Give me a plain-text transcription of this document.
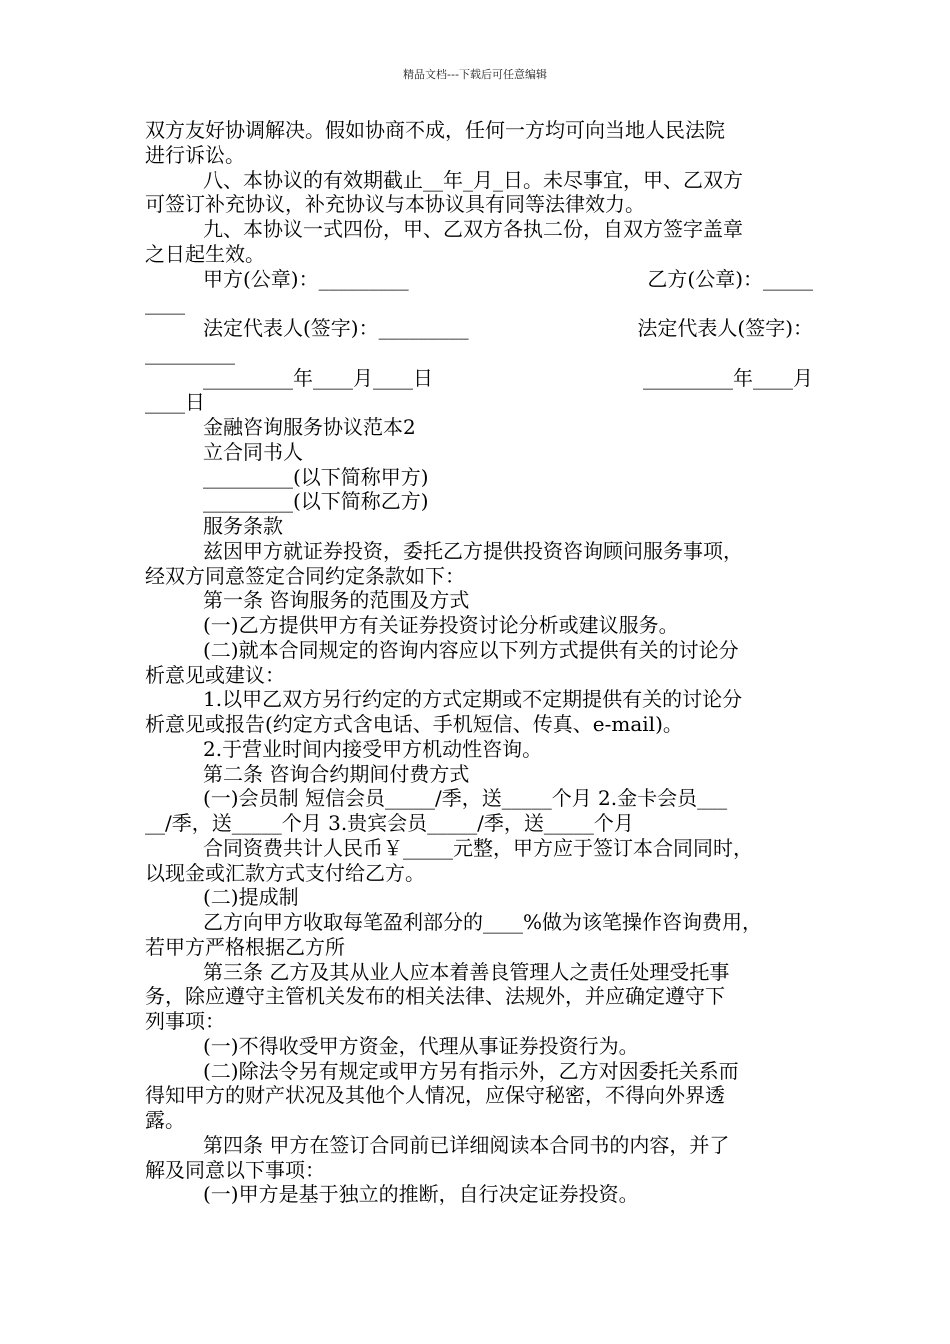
精品文档---下载后可任意编辑
双方友好协调解决。假如协商不成，任何一方均可向当地人民法院
进行诉讼。
八、本协议的有效期截止__年_月_日。未尽事宜，甲、乙双方
可签订补充协议，补充协议与本协议具有同等法律效力。
九、本协议一式四份，甲、乙双方各执二份，自双方签字盖章
之日起生效。
甲方(公章)：_________	乙方(公章)：_____
____
法定代表人(签字)：_________	法定代表人(签字)：
_________
_________年____月____日	_________年____月
____日
金融咨询服务协议范本2
立合同书人
_________(以下简称甲方)
_________(以下简称乙方)
服务条款
兹因甲方就证券投资，委托乙方提供投资咨询顾问服务事项，
经双方同意签定合同约定条款如下：
第一条 咨询服务的范围及方式
(一)乙方提供甲方有关证券投资讨论分析或建议服务。
(二)就本合同规定的咨询内容应以下列方式提供有关的讨论分
析意见或建议：
1.以甲乙双方另行约定的方式定期或不定期提供有关的讨论分
析意见或报告(约定方式含电话、手机短信、传真、e-mail)。
2.于营业时间内接受甲方机动性咨询。
第二条 咨询合约期间付费方式
(一)会员制 短信会员_____/季，送_____个月 2.金卡会员___
__/季，送_____个月 3.贵宾会员_____/季，送_____个月
合同资费共计人民币￥_____元整，甲方应于签订本合同同时，
以现金或汇款方式支付给乙方。
(二)提成制
乙方向甲方收取每笔盈利部分的____%做为该笔操作咨询费用，
若甲方严格根据乙方所
第三条 乙方及其从业人应本着善良管理人之责任处理受托事
务，除应遵守主管机关发布的相关法律、法规外，并应确定遵守下
列事项：
(一)不得收受甲方资金，代理从事证券投资行为。
(二)除法令另有规定或甲方另有指示外，乙方对因委托关系而
得知甲方的财产状况及其他个人情况，应保守秘密，不得向外界透
露。
第四条 甲方在签订合同前已详细阅读本合同书的内容，并了
解及同意以下事项：
(一)甲方是基于独立的推断，自行决定证券投资。
